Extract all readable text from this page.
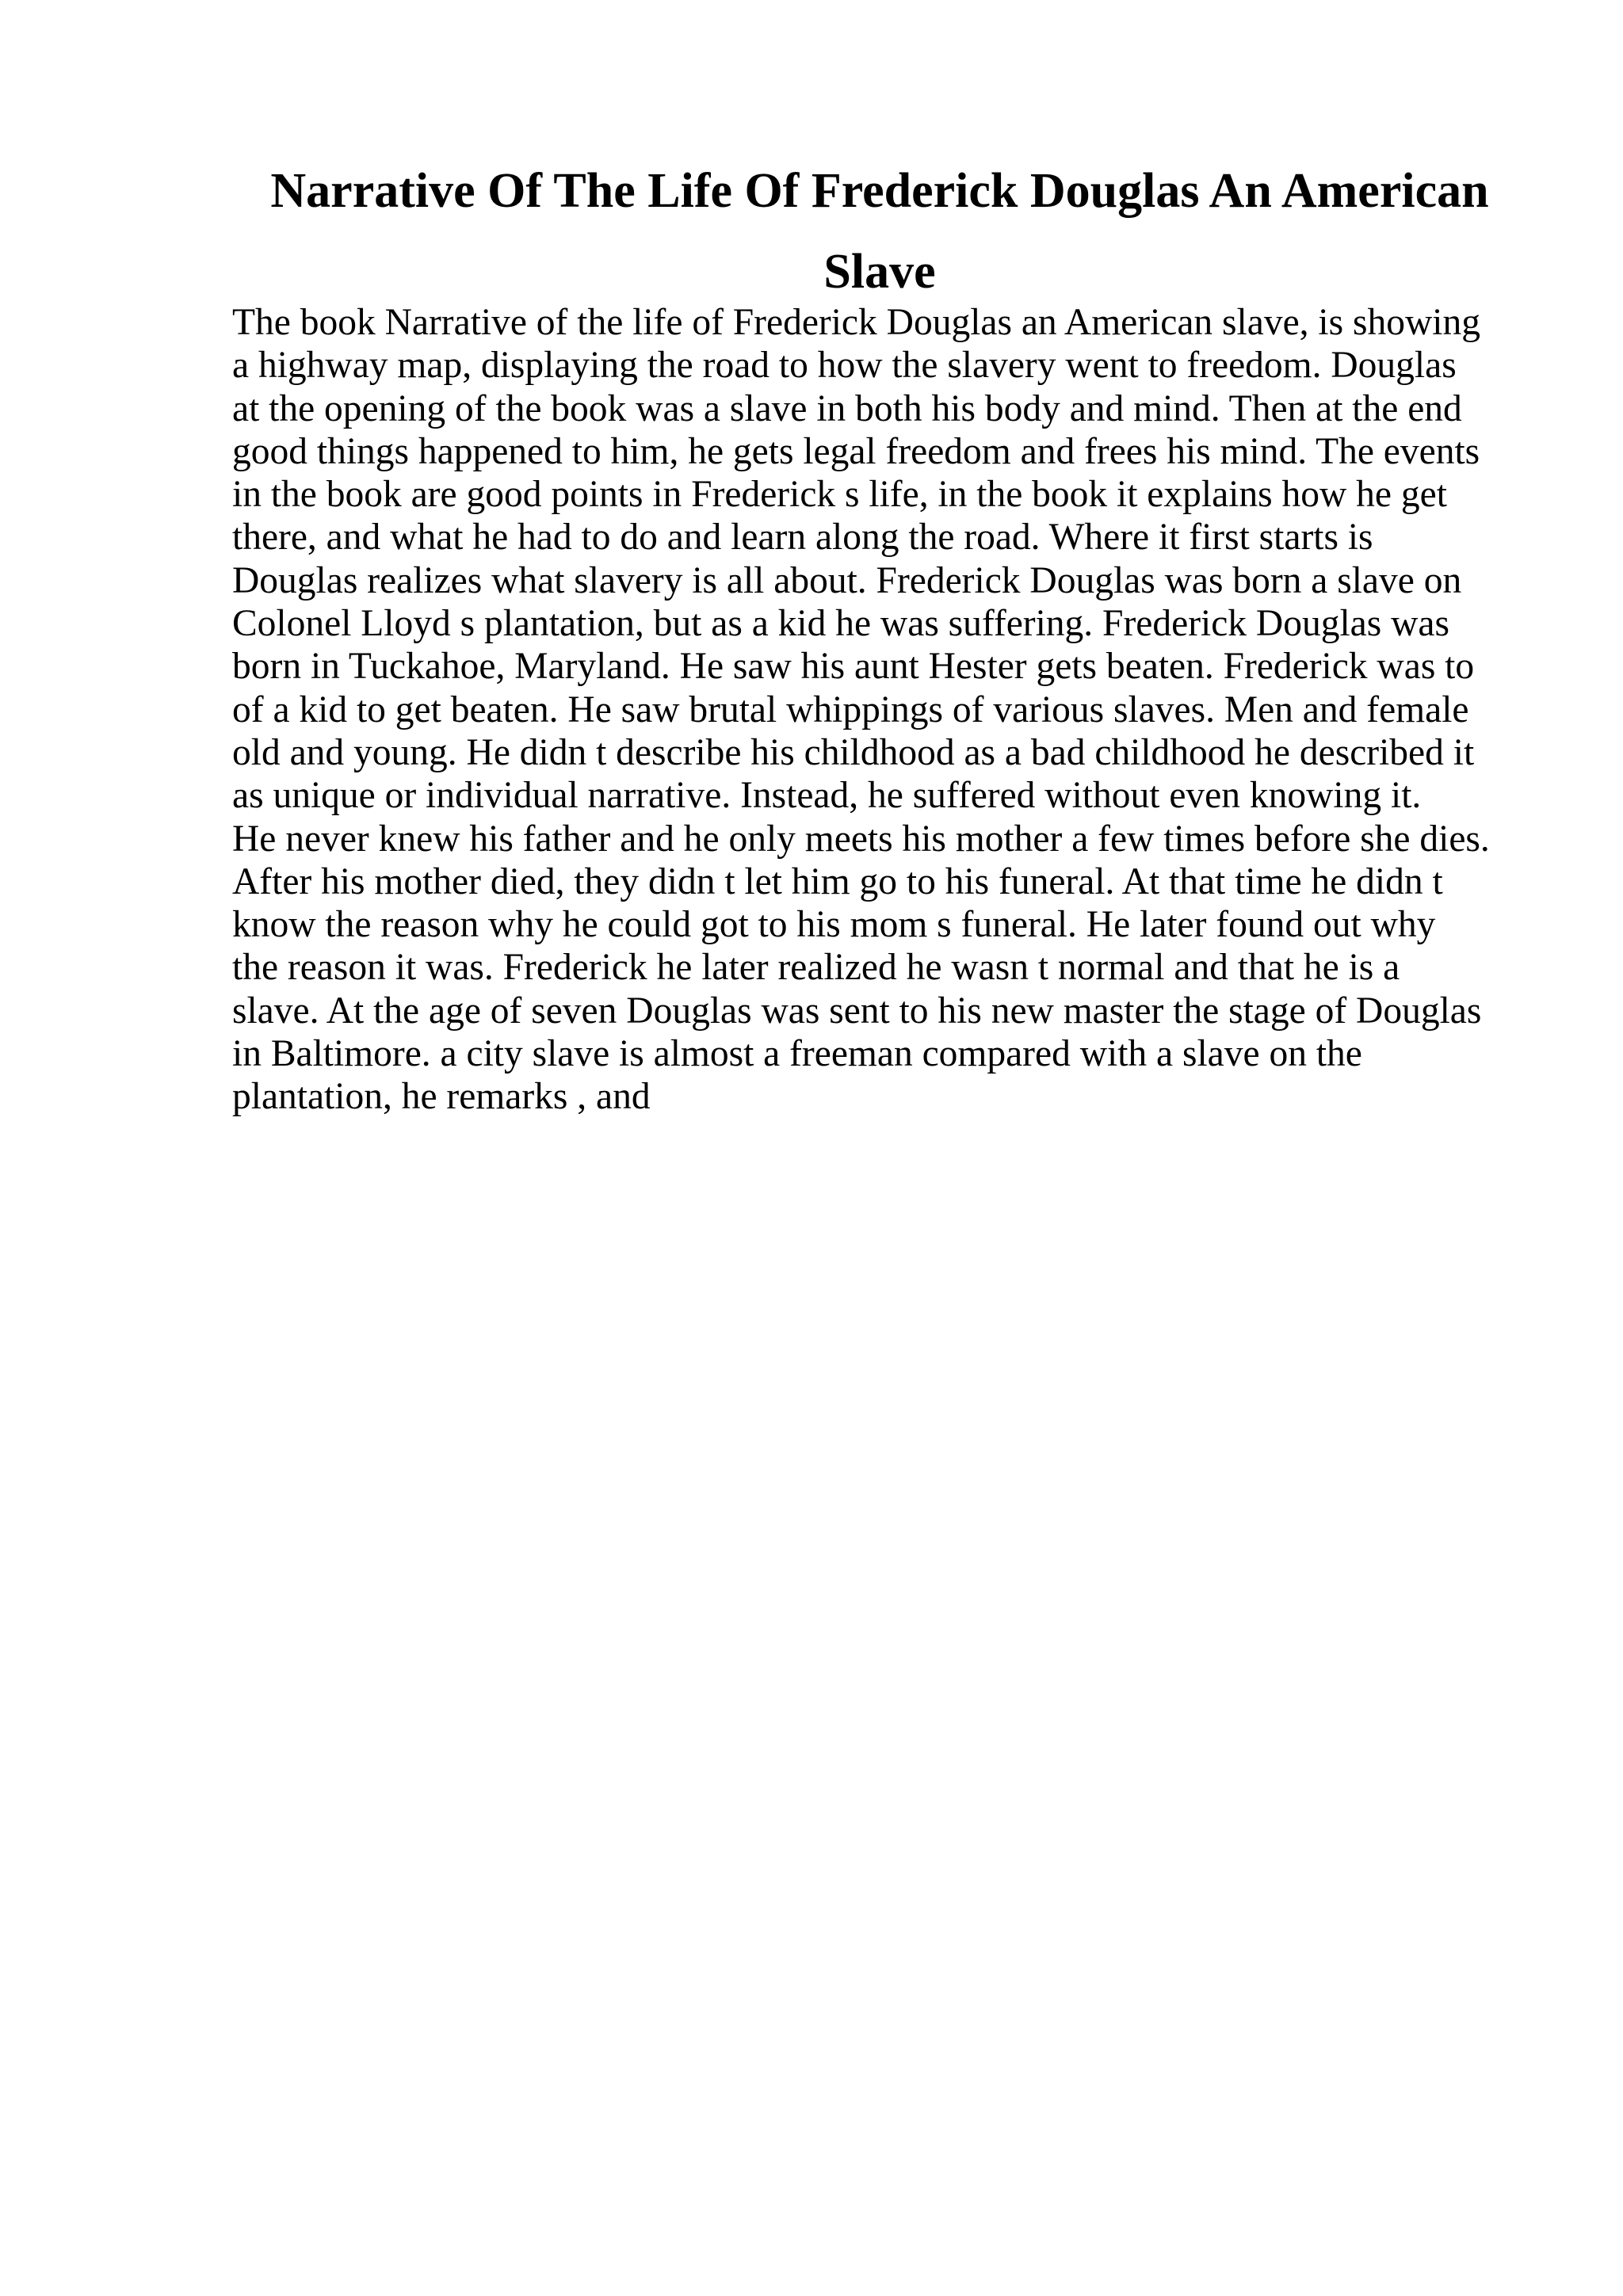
Narrative Of The Life Of Frederick Douglas An American Slave
The book Narrative of the life of Frederick Douglas an American slave, is showing
a highway map, displaying the road to how the slavery went to freedom. Douglas
at the opening of the book was a slave in both his body and mind. Then at the end
good things happened to him, he gets legal freedom and frees his mind. The events
in the book are good points in Frederick s life, in the book it explains how he get
there, and what he had to do and learn along the road. Where it first starts is
Douglas realizes what slavery is all about. Frederick Douglas was born a slave on
Colonel Lloyd s plantation, but as a kid he was suffering. Frederick Douglas was
born in Tuckahoe, Maryland. He saw his aunt Hester gets beaten. Frederick was to
of a kid to get beaten. He saw brutal whippings of various slaves. Men and female
old and young. He didn t describe his childhood as a bad childhood he described it
as unique or individual narrative. Instead, he suffered without even knowing it.
He never knew his father and he only meets his mother a few times before she dies.
After his mother died, they didn t let him go to his funeral. At that time he didn t
know the reason why he could got to his mom s funeral. He later found out why
the reason it was. Frederick he later realized he wasn t normal and that he is a
slave. At the age of seven Douglas was sent to his new master the stage of Douglas
in Baltimore. a city slave is almost a freeman compared with a slave on the
plantation, he remarks , and
